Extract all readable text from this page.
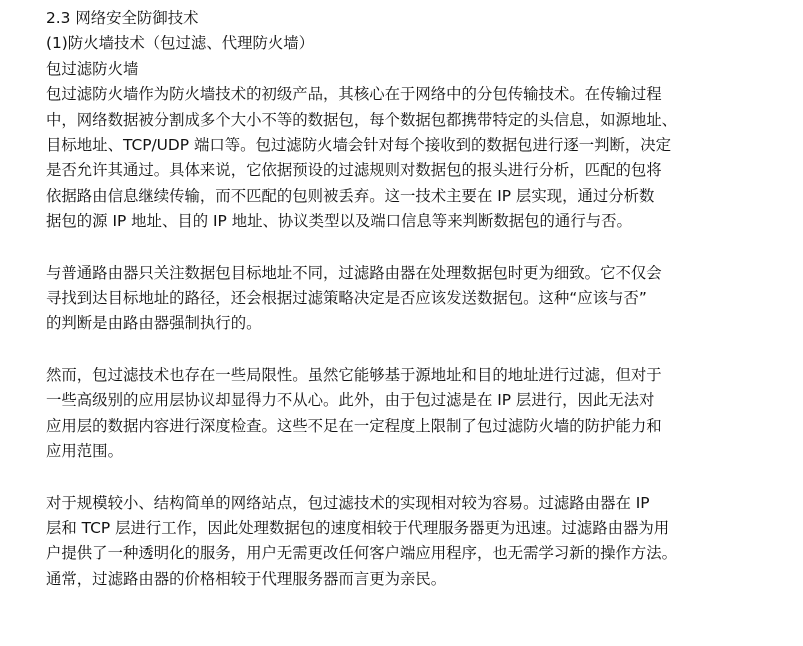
2.3 网络安全防御技术
(1)防火墙技术（包过滤、代理防火墙）
包过滤防火墙
包过滤防火墙作为防火墙技术的初级产品，其核心在于网络中的分包传输技术。在传输过程
中，网络数据被分割成多个大小不等的数据包，每个数据包都携带特定的头信息，如源地址、
目标地址、TCP/UDP 端口等。包过滤防火墙会针对每个接收到的数据包进行逐一判断，决定
是否允许其通过。具体来说，它依据预设的过滤规则对数据包的报头进行分析，匹配的包将
依据路由信息继续传输，而不匹配的包则被丢弃。这一技术主要在 IP 层实现，通过分析数
据包的源 IP 地址、目的 IP 地址、协议类型以及端口信息等来判断数据包的通行与否。
与普通路由器只关注数据包目标地址不同，过滤路由器在处理数据包时更为细致。它不仅会
寻找到达目标地址的路径，还会根据过滤策略决定是否应该发送数据包。这种“应该与否”
的判断是由路由器强制执行的。
然而，包过滤技术也存在一些局限性。虽然它能够基于源地址和目的地址进行过滤，但对于
一些高级别的应用层协议却显得力不从心。此外，由于包过滤是在 IP 层进行，因此无法对
应用层的数据内容进行深度检查。这些不足在一定程度上限制了包过滤防火墙的防护能力和
应用范围。
对于规模较小、结构简单的网络站点，包过滤技术的实现相对较为容易。过滤路由器在 IP
层和 TCP 层进行工作，因此处理数据包的速度相较于代理服务器更为迅速。过滤路由器为用
户提供了一种透明化的服务，用户无需更改任何客户端应用程序，也无需学习新的操作方法。
通常，过滤路由器的价格相较于代理服务器而言更为亲民。
